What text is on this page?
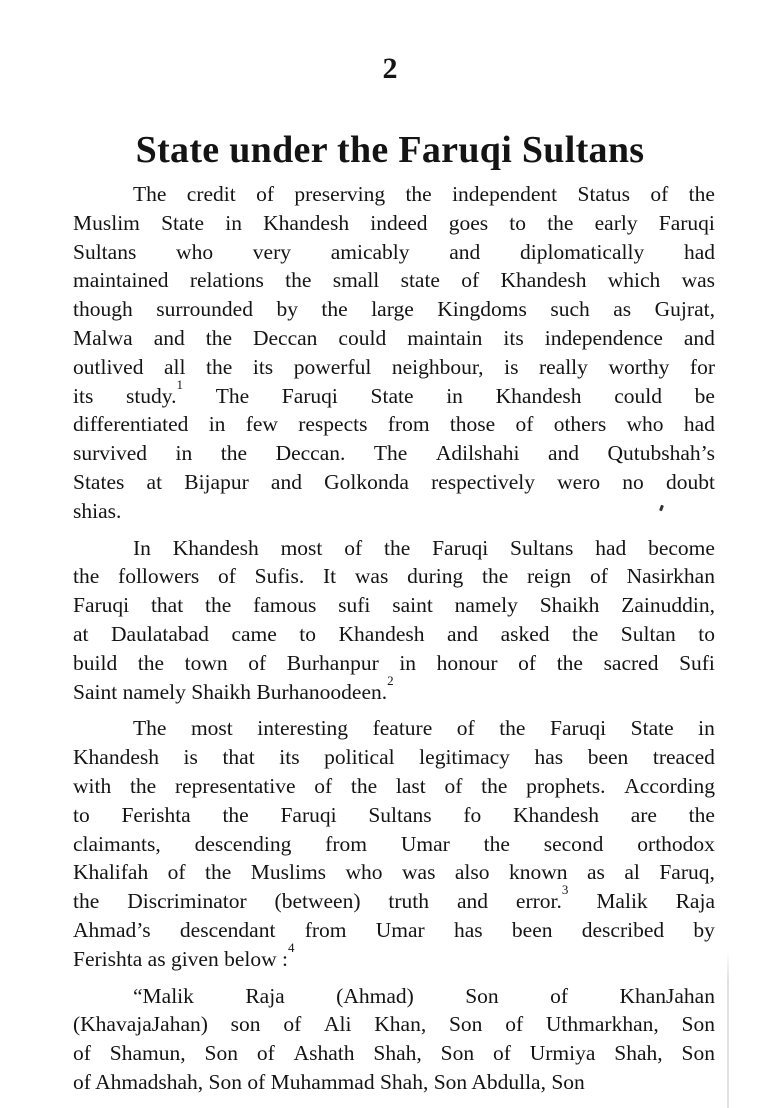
2
State under the Faruqi Sultans
The credit of preserving the independent Status of the
Muslim State in Khandesh indeed goes to the early Faruqi
Sultans who very amicably and diplomatically had
maintained relations the small state of Khandesh which was
though surrounded by the large Kingdoms such as Gujrat,
Malwa and the Deccan could maintain its independence and
outlived all the its powerful neighbour, is really worthy for
its study.$^1$ The Faruqi State in Khandesh could be
differentiated in few respects from those of others who had
survived in the Deccan. The Adilshahi and Qutubshah’s
States at Bijapur and Golkonda respectively wero no doubt
shias.
In Khandesh most of the Faruqi Sultans had become
the followers of Sufis. It was during the reign of Nasirkhan
Faruqi that the famous sufi saint namely Shaikh Zainuddin,
at Daulatabad came to Khandesh and asked the Sultan to
build the town of Burhanpur in honour of the sacred Sufi
Saint namely Shaikh Burhanoodeen.$^2$
The most interesting feature of the Faruqi State in
Khandesh is that its political legitimacy has been treaced
with the representative of the last of the prophets. According
to Ferishta the Faruqi Sultans fo Khandesh are the
claimants, descending from Umar the second orthodox
Khalifah of the Muslims who was also known as al Faruq,
the Discriminator (between) truth and error.$^3$ Malik Raja
Ahmad’s descendant from Umar has been described by
Ferishta as given below :$^4$
“Malik Raja (Ahmad) Son of KhanJahan
(KhavajaJahan) son of Ali Khan, Son of Uthmarkhan, Son
of Shamun, Son of Ashath Shah, Son of Urmiya Shah, Son
of Ahmadshah, Son of Muhammad Shah, Son Abdulla, Son
